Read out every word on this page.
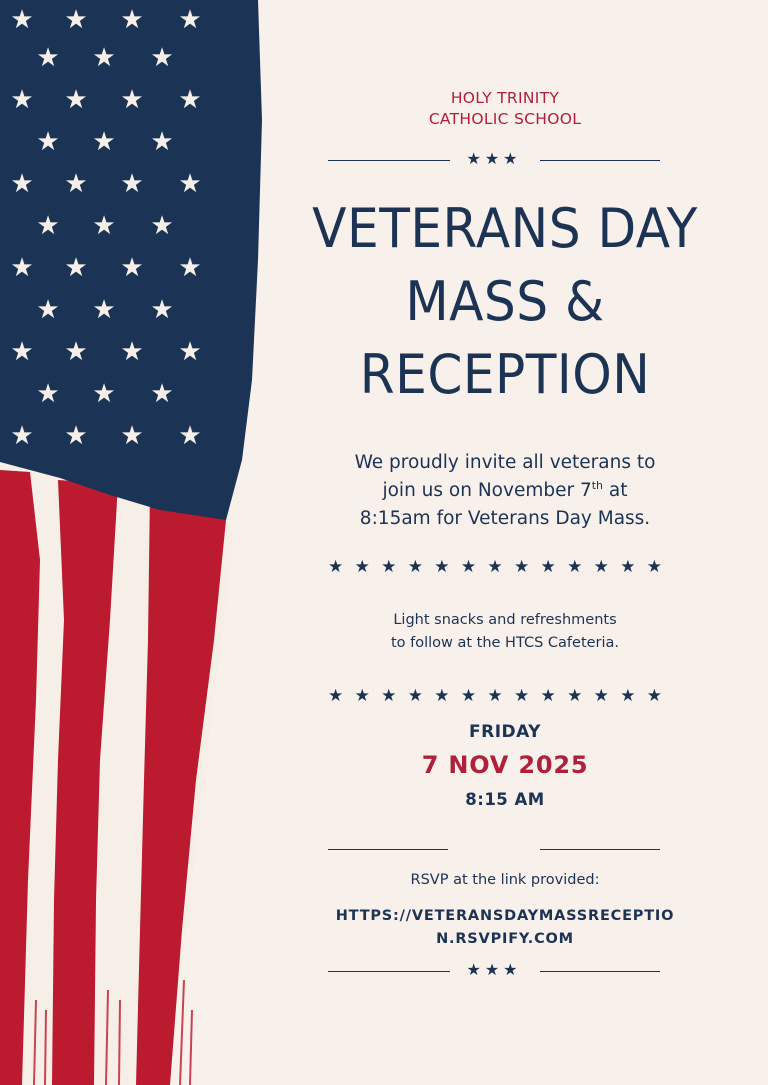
★ ★ ★ ★
★ ★ ★
★ ★ ★ ★
★ ★ ★
★ ★ ★ ★
★ ★ ★
★ ★ ★ ★
★ ★ ★
★ ★ ★ ★
★ ★ ★
★ ★ ★ ★
HOLY TRINITY
CATHOLIC SCHOOL
★★★
VETERANS DAY
MASS &
RECEPTION
We proudly invite all veterans to
join us on November 7th at
8:15am for Veterans Day Mass.
★ ★ ★ ★ ★ ★ ★ ★ ★ ★ ★ ★ ★
Light snacks and refreshments
to follow at the HTCS Cafeteria.
★ ★ ★ ★ ★ ★ ★ ★ ★ ★ ★ ★ ★
FRIDAY
7 NOV 2025
8:15 AM
RSVP at the link provided:
HTTPS://VETERANSDAYMASSRECEPTIO
N.RSVPIFY.COM
★★★
